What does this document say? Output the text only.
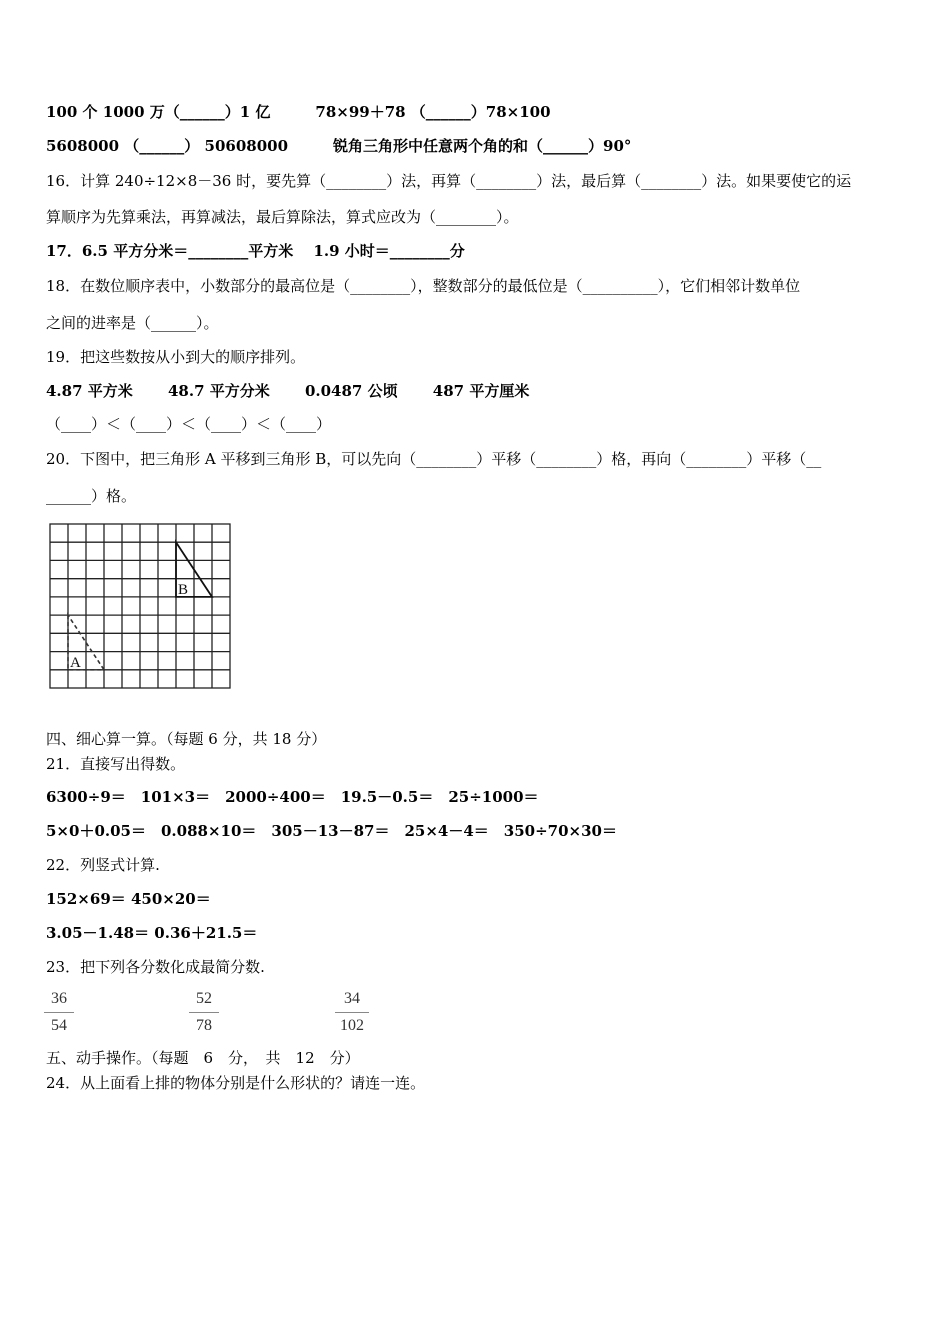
100 个 1000 万（______）1 亿　　　78×99＋78 （______）78×100
5608000 （______） 50608000　　　锐角三角形中任意两个角的和（______）90°
16．计算 240÷12×8－36 时，要先算（________）法，再算（________）法，最后算（________）法。如果要使它的运
算顺序为先算乘法，再算减法，最后算除法，算式应改为（________）。
17．6.5 平方分米＝________平方米　 1.9 小时＝________分
18．在数位顺序表中，小数部分的最高位是（________），整数部分的最低位是（__________），它们相邻计数单位
之间的进率是（______）。
19．把这些数按从小到大的顺序排列。
4.87 平方米　　 48.7 平方分米　　 0.0487 公顷　　 487 平方厘米
（____）＜（____）＜（____）＜（____）
20．下图中，把三角形 A 平移到三角形 B，可以先向（________）平移（________）格，再向（________）平移（__
______）格。
B
A
四、细心算一算。（每题 6 分，共 18 分）
21．直接写出得数。
6300÷9＝　101×3＝　2000÷400＝　19.5－0.5＝　25÷1000＝
5×0＋0.05＝　0.088×10＝　305－13－87＝　25×4－4＝　350÷70×30＝
22．列竖式计算.
152×69＝ 450×20＝
3.05－1.48＝ 0.36＋21.5＝
23．把下列各分数化成最简分数.
36
54
52
78
34
102
五、动手操作。（每题　6　分，　共　12　分）
24．从上面看上排的物体分别是什么形状的？请连一连。
